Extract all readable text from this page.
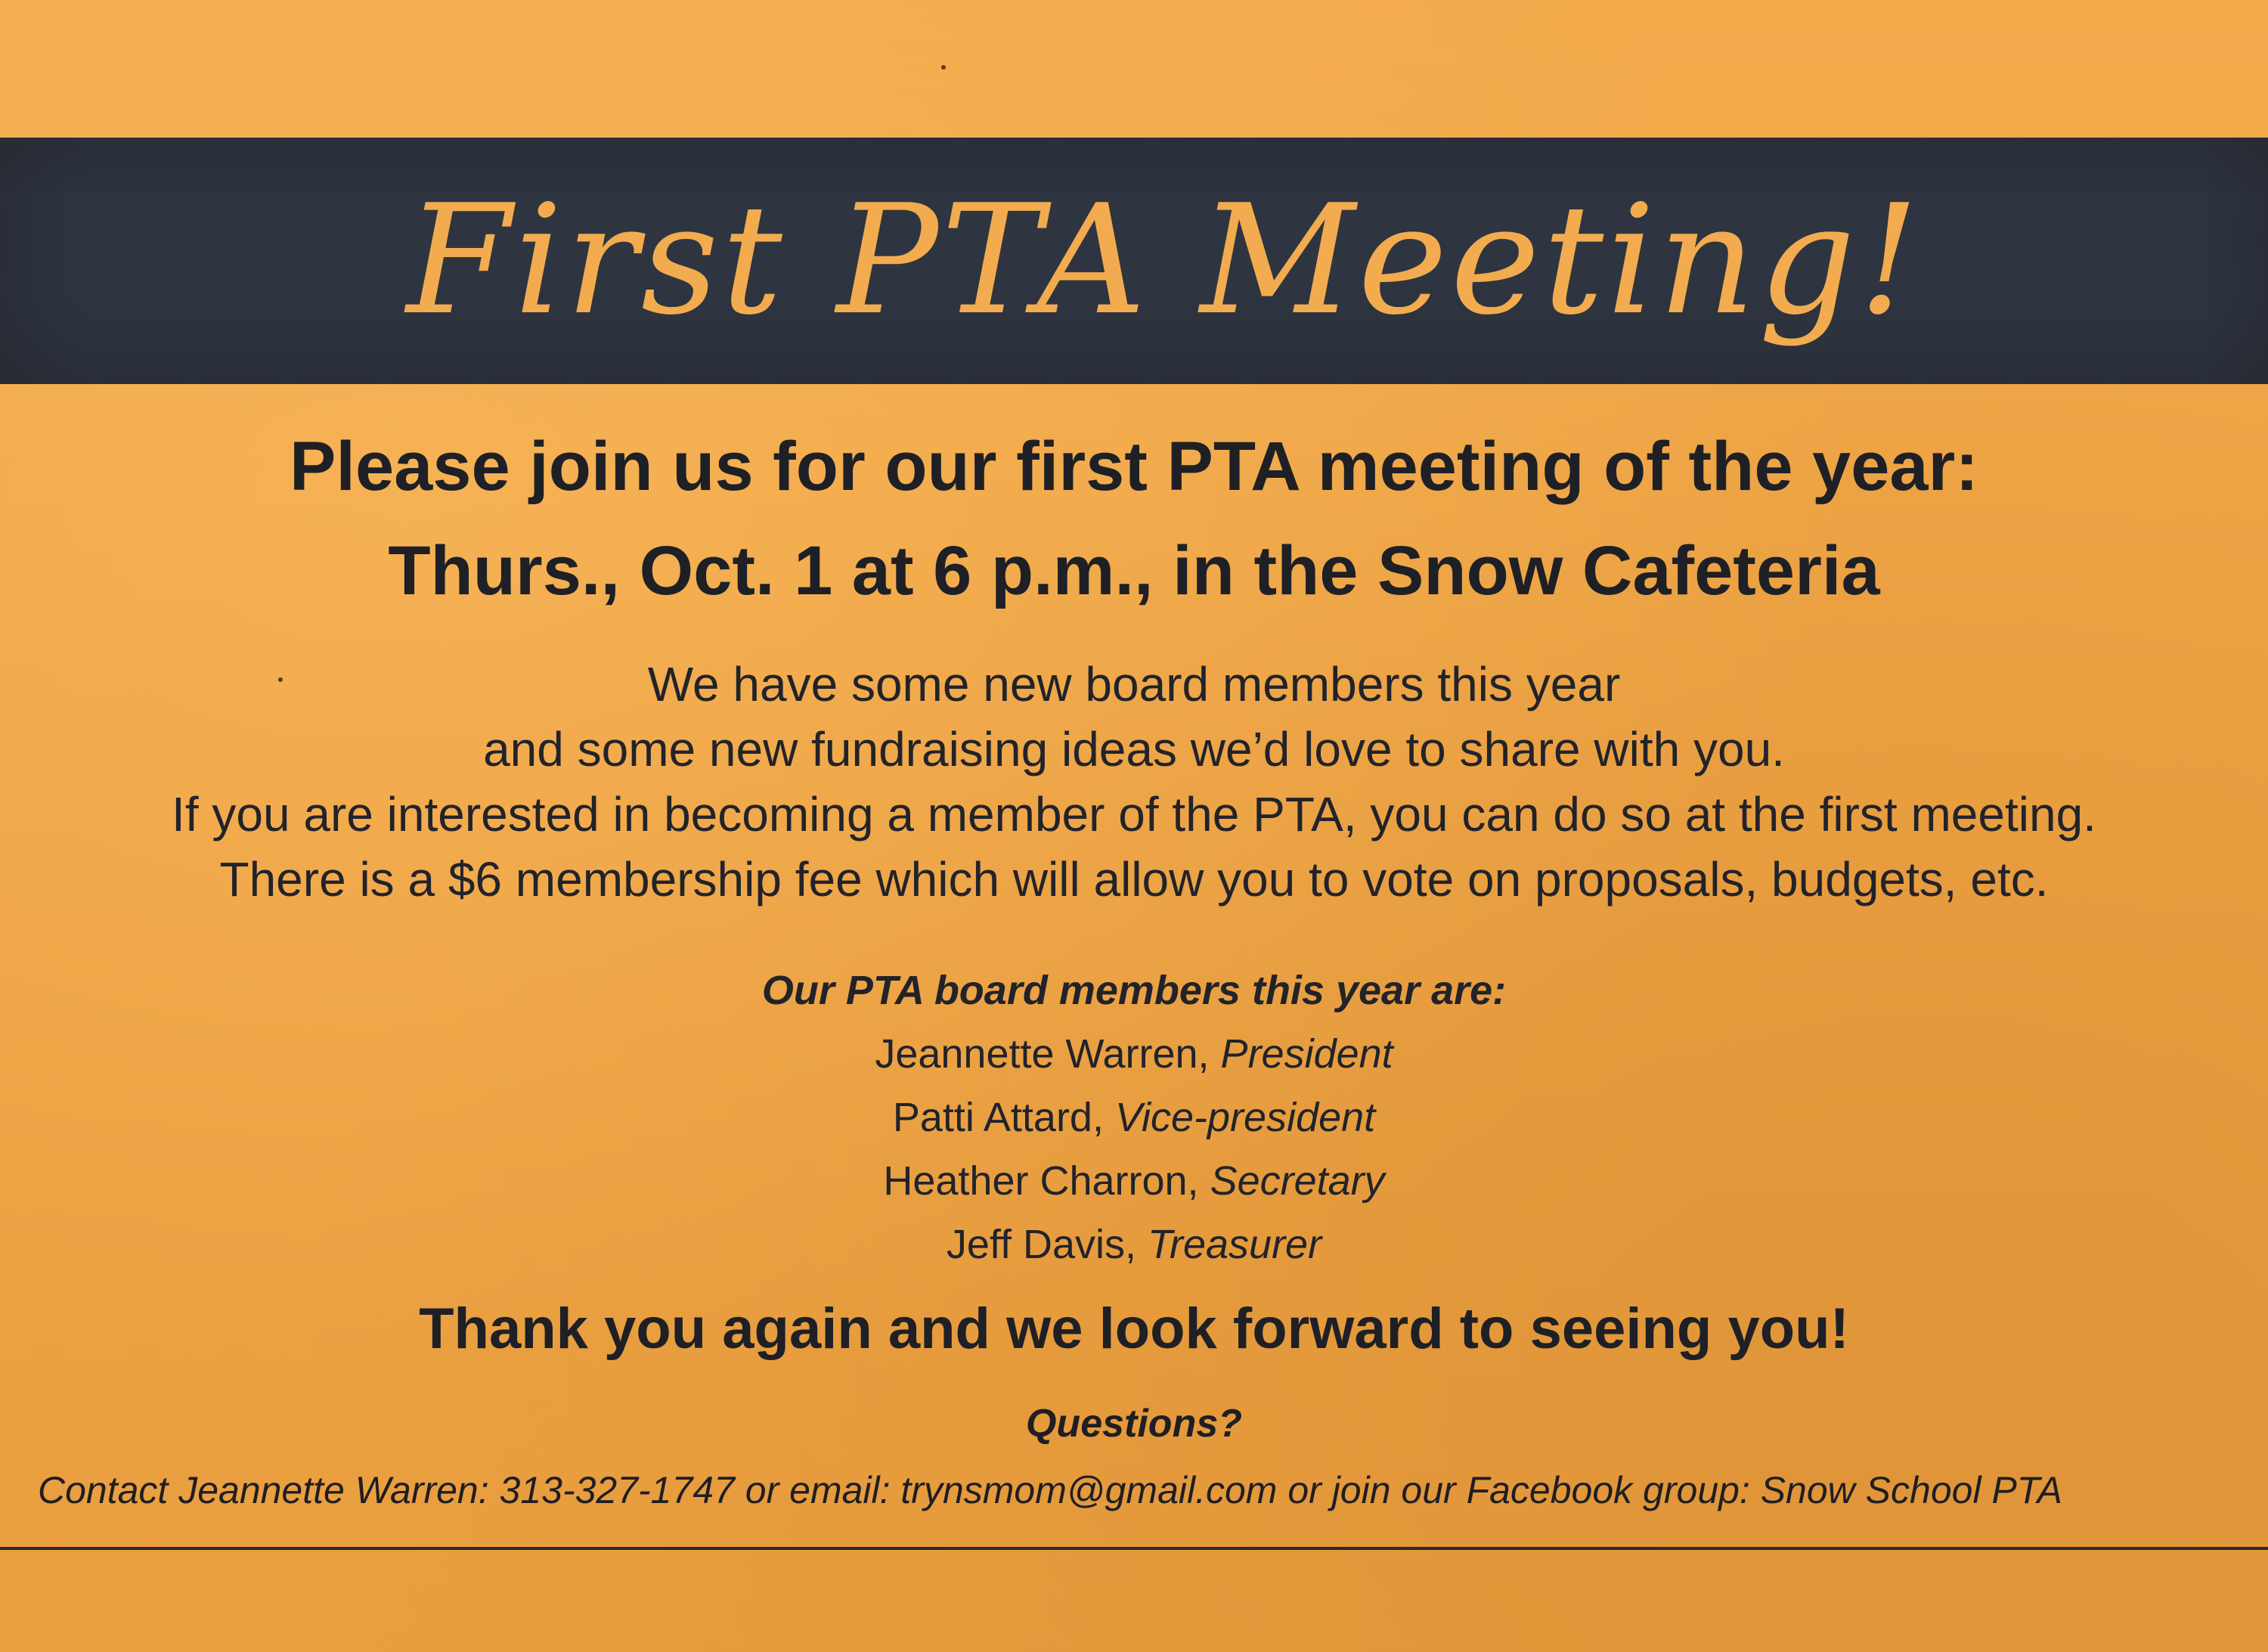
First PTA Meeting!
Please join us for our first PTA meeting of the year:
Thurs., Oct. 1 at 6 p.m., in the Snow Cafeteria
We have some new board members this year
and some new fundraising ideas we’d love to share with you.
If you are interested in becoming a member of the PTA, you can do so at the first meeting.
There is a $6 membership fee which will allow you to vote on proposals, budgets, etc.
Our PTA board members this year are:
Jeannette Warren, President
Patti Attard, Vice-president
Heather Charron, Secretary
Jeff Davis, Treasurer
Thank you again and we look forward to seeing you!
Questions?
Contact Jeannette Warren: 313-327-1747 or email: trynsmom@gmail.com or join our Facebook group: Snow School PTA
